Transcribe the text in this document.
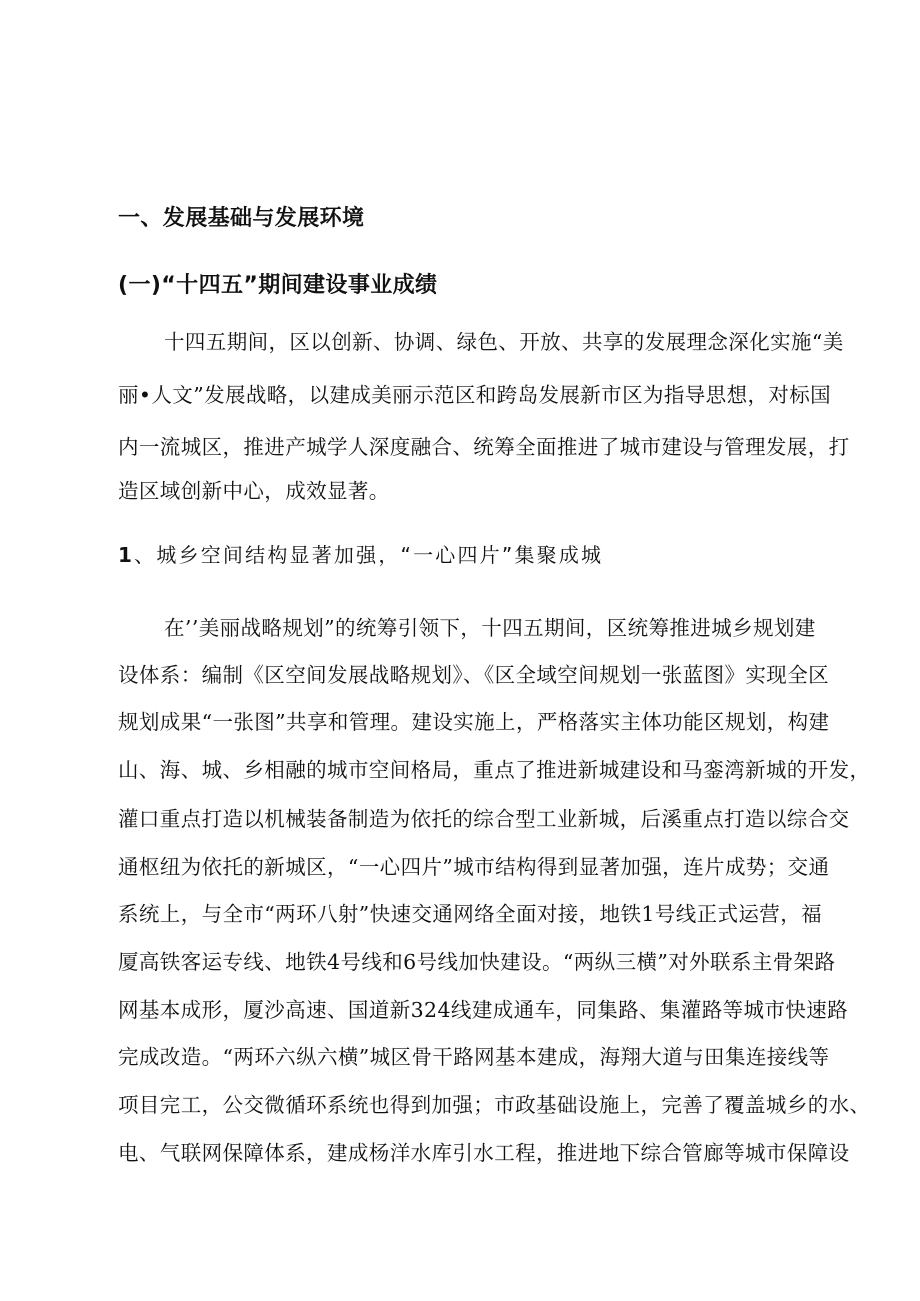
一、发展基础与发展环境
(一)“十四五”期间建设事业成绩
十四五期间，区以创新、协调、绿色、开放、共享的发展理念深化实施“美
丽•人文”发展战略，以建成美丽示范区和跨岛发展新市区为指导思想，对标国
内一流城区，推进产城学人深度融合、统筹全面推进了城市建设与管理发展，打
造区域创新中心，成效显著。
1、城乡空间结构显著加强，“一心四片”集聚成城
在’’美丽战略规划”的统筹引领下，十四五期间，区统筹推进城乡规划建
设体系：编制《区空间发展战略规划》、《区全域空间规划一张蓝图》实现全区
规划成果“一张图”共享和管理。建设实施上，严格落实主体功能区规划，构建
山、海、城、乡相融的城市空间格局，重点了推进新城建设和马銮湾新城的开发，
灌口重点打造以机械装备制造为依托的综合型工业新城，后溪重点打造以综合交
通枢纽为依托的新城区，“一心四片”城市结构得到显著加强，连片成势；交通
系统上，与全市“两环八射”快速交通网络全面对接，地铁1号线正式运营，福
厦高铁客运专线、地铁4号线和6号线加快建设。“两纵三横”对外联系主骨架路
网基本成形，厦沙高速、国道新324线建成通车，同集路、集灌路等城市快速路
完成改造。“两环六纵六横”城区骨干路网基本建成，海翔大道与田集连接线等
项目完工，公交微循环系统也得到加强；市政基础设施上，完善了覆盖城乡的水、
电、气联网保障体系，建成杨洋水库引水工程，推进地下综合管廊等城市保障设
